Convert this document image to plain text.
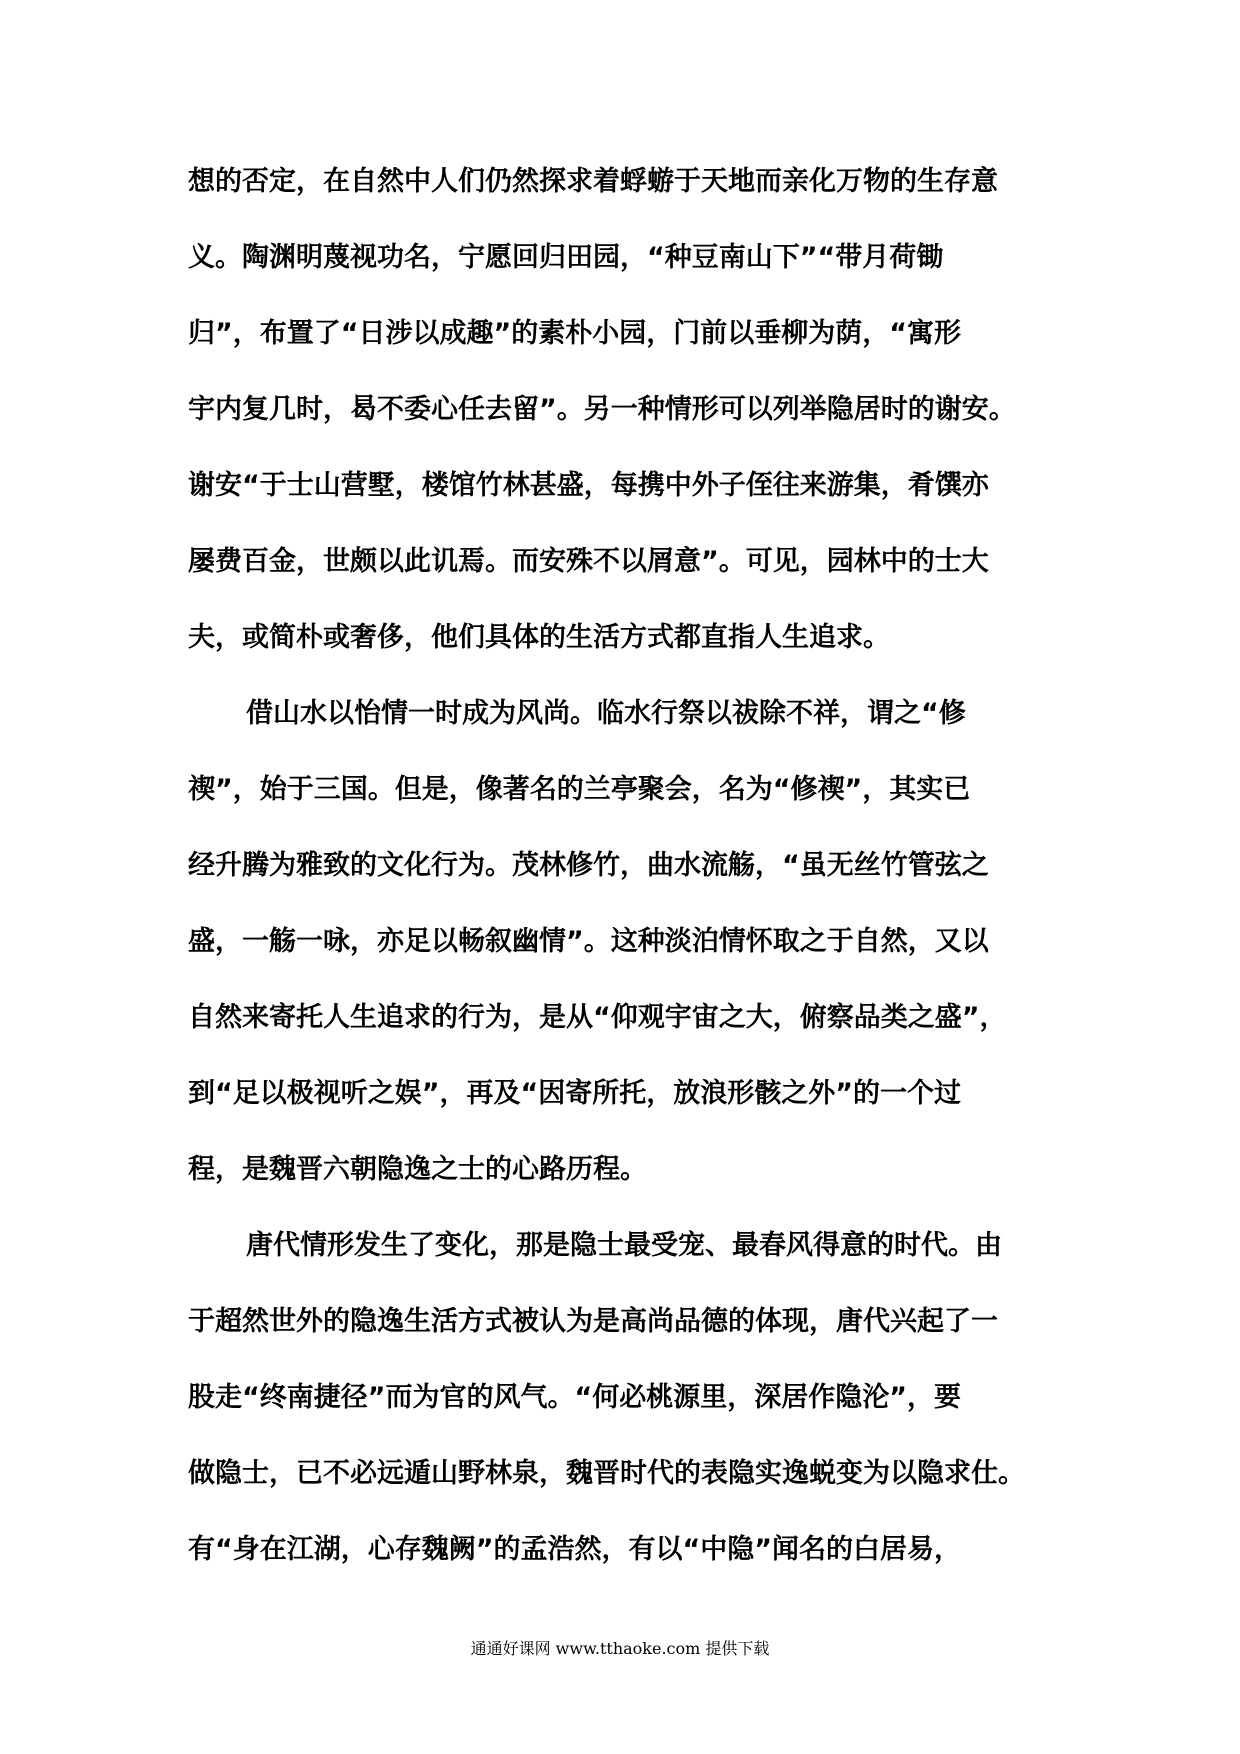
想的否定，在自然中人们仍然探求着蜉蝣于天地而亲化万物的生存意
义。陶渊明蔑视功名，宁愿回归田园，“种豆南山下”“带月荷锄
归”，布置了“日涉以成趣”的素朴小园，门前以垂柳为荫，“寓形
宇内复几时，曷不委心任去留”。另一种情形可以列举隐居时的谢安。
谢安“于士山营墅，楼馆竹林甚盛，每携中外子侄往来游集，肴馔亦
屡费百金，世颇以此讥焉。而安殊不以屑意”。可见，园林中的士大
夫，或简朴或奢侈，他们具体的生活方式都直指人生追求。
借山水以怡情一时成为风尚。临水行祭以祓除不祥，谓之“修
禊”，始于三国。但是，像著名的兰亭聚会，名为“修禊”，其实已
经升腾为雅致的文化行为。茂林修竹，曲水流觞，“虽无丝竹管弦之
盛，一觞一咏，亦足以畅叙幽情”。这种淡泊情怀取之于自然，又以
自然来寄托人生追求的行为，是从“仰观宇宙之大，俯察品类之盛”，
到“足以极视听之娱”，再及“因寄所托，放浪形骸之外”的一个过
程，是魏晋六朝隐逸之士的心路历程。
唐代情形发生了变化，那是隐士最受宠、最春风得意的时代。由
于超然世外的隐逸生活方式被认为是高尚品德的体现，唐代兴起了一
股走“终南捷径”而为官的风气。“何必桃源里，深居作隐沦”，要
做隐士，已不必远遁山野林泉，魏晋时代的表隐实逸蜕变为以隐求仕。
有“身在江湖，心存魏阙”的孟浩然，有以“中隐”闻名的白居易，
通通好课网 www.tthaoke.com 提供下载
